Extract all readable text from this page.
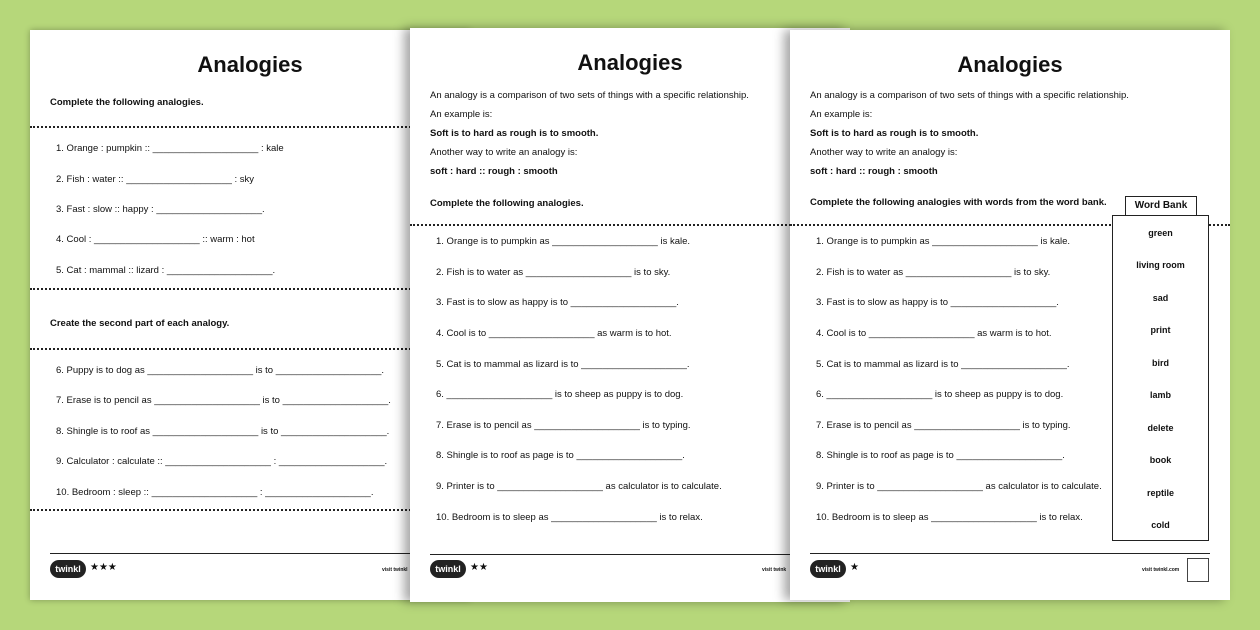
Analogies
Complete the following analogies.
1. Orange : pumpkin :: ____________________ : kale
2. Fish : water :: ____________________ : sky
3. Fast : slow :: happy : ____________________.
4. Cool : ____________________ :: warm : hot
5. Cat : mammal :: lizard : ____________________.
Create the second part of each analogy.
6. Puppy is to dog as ____________________ is to ____________________.
7. Erase is to pencil as ____________________ is to ____________________.
8. Shingle is to roof as ____________________ is to ____________________.
9. Calculator : calculate :: ____________________ : ____________________.
10. Bedroom : sleep :: ____________________ : ____________________.
twinkl ★★★	visit twinkl
Analogies
An analogy is a comparison of two sets of things with a specific relationship.
An example is:
Soft is to hard as rough is to smooth.
Another way to write an analogy is:
soft : hard :: rough : smooth
Complete the following analogies.
1. Orange is to pumpkin as ____________________ is kale.
2. Fish is to water as ____________________ is to sky.
3. Fast is to slow as happy is to ____________________.
4. Cool is to ____________________ as warm is to hot.
5. Cat is to mammal as lizard is to ____________________.
6. ____________________ is to sheep as puppy is to dog.
7. Erase is to pencil as ____________________ is to typing.
8. Shingle is to roof as page is to ____________________.
9. Printer is to ____________________ as calculator is to calculate.
10. Bedroom is to sleep as ____________________ is to relax.
twinkl ★★	visit twink
Analogies
An analogy is a comparison of two sets of things with a specific relationship.
An example is:
Soft is to hard as rough is to smooth.
Another way to write an analogy is:
soft : hard :: rough : smooth
Complete the following analogies with words from the word bank.
1. Orange is to pumpkin as ____________________ is kale.
2. Fish is to water as ____________________ is to sky.
3. Fast is to slow as happy is to ____________________.
4. Cool is to ____________________ as warm is to hot.
5. Cat is to mammal as lizard is to ____________________.
6. ____________________ is to sheep as puppy is to dog.
7. Erase is to pencil as ____________________ is to typing.
8. Shingle is to roof as page is to ____________________.
9. Printer is to ____________________ as calculator is to calculate.
10. Bedroom is to sleep as ____________________ is to relax.
Word Bank
green
living room
sad
print
bird
lamb
delete
book
reptile
cold
twinkl ★	visit twinkl.com
